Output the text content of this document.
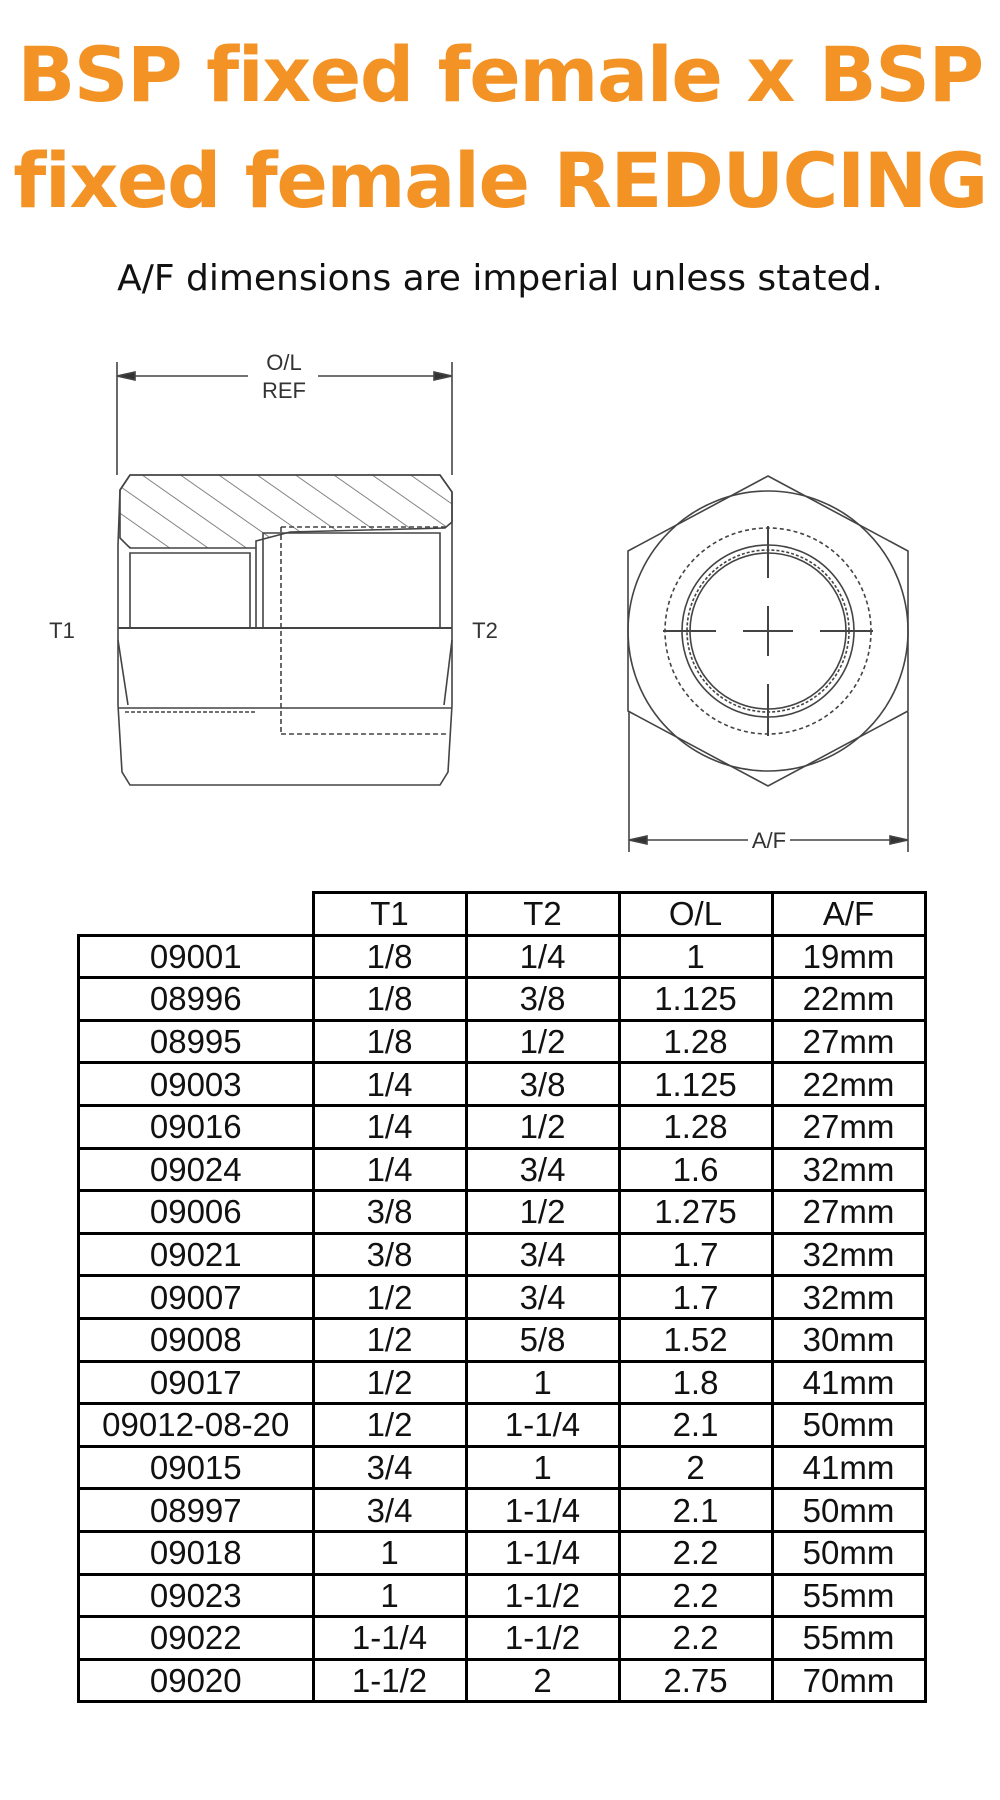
BSP fixed female x BSP
fixed female REDUCING
A/F dimensions are imperial unless stated.
O/L
REF
T1	T2
A/F
	T1	T2	O/L	A/F
09001	1/8	1/4	1	19mm
08996	1/8	3/8	1.125	22mm
08995	1/8	1/2	1.28	27mm
09003	1/4	3/8	1.125	22mm
09016	1/4	1/2	1.28	27mm
09024	1/4	3/4	1.6	32mm
09006	3/8	1/2	1.275	27mm
09021	3/8	3/4	1.7	32mm
09007	1/2	3/4	1.7	32mm
09008	1/2	5/8	1.52	30mm
09017	1/2	1	1.8	41mm
09012-08-20	1/2	1-1/4	2.1	50mm
09015	3/4	1	2	41mm
08997	3/4	1-1/4	2.1	50mm
09018	1	1-1/4	2.2	50mm
09023	1	1-1/2	2.2	55mm
09022	1-1/4	1-1/2	2.2	55mm
09020	1-1/2	2	2.75	70mm
